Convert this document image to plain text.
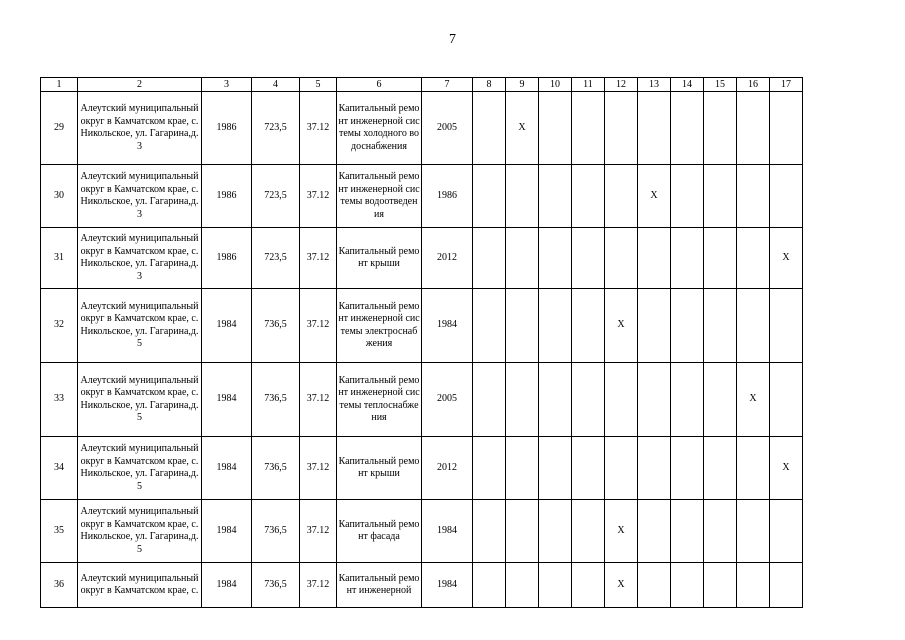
7
1	2	3	4	5	6	7	8	9	10	11	12	13	14	15	16	17
29	Алеутский муниципальный округ в Камчатском крае, с. Никольское, ул. Гагарина,д. 3	1986	723,5	37.12	Капитальный ремонт инженерной системы холодного водоснабжения	2005		X								
30	Алеутский муниципальный округ в Камчатском крае, с. Никольское, ул. Гагарина,д. 3	1986	723,5	37.12	Капитальный ремонт инженерной системы водоотведения	1986						X				
31	Алеутский муниципальный округ в Камчатском крае, с. Никольское, ул. Гагарина,д. 3	1986	723,5	37.12	Капитальный ремонт крыши	2012										X
32	Алеутский муниципальный округ в Камчатском крае, с. Никольское, ул. Гагарина,д. 5	1984	736,5	37.12	Капитальный ремонт инженерной системы электроснабжения	1984					X					
33	Алеутский муниципальный округ в Камчатском крае, с. Никольское, ул. Гагарина,д. 5	1984	736,5	37.12	Капитальный ремонт инженерной системы теплоснабжения	2005									X	
34	Алеутский муниципальный округ в Камчатском крае, с. Никольское, ул. Гагарина,д. 5	1984	736,5	37.12	Капитальный ремонт крыши	2012										X
35	Алеутский муниципальный округ в Камчатском крае, с. Никольское, ул. Гагарина,д. 5	1984	736,5	37.12	Капитальный ремонт фасада	1984					X					
36	Алеутский муниципальный округ в Камчатском крае, с.	1984	736,5	37.12	Капитальный ремонт инженерной	1984					X					
